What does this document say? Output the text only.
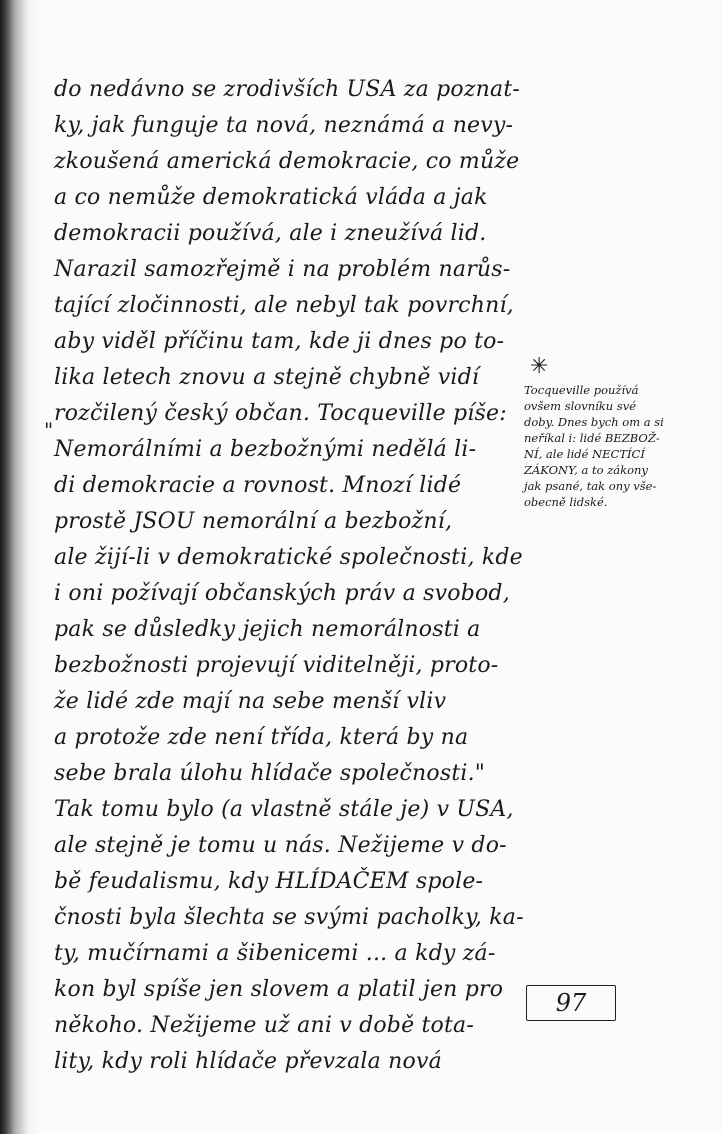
do nedávno se zrodivších USA za poznat-
ky, jak funguje ta nová, neznámá a nevy-
zkoušená americká demokracie, co může
a co nemůže demokratická vláda a jak
demokracii používá, ale i zneužívá lid.
Narazil samozřejmě i na problém narůs-
tající zločinnosti, ale nebyl tak povrchní,
aby viděl příčinu tam, kde ji dnes po to-
lika letech znovu a stejně chybně vidí
rozčilený český občan. Tocqueville píše:
Nemorálními a bezbožnými nedělá li-
di demokracie a rovnost. Mnozí lidé
prostě JSOU nemorální a bezbožní,
ale žijí-li v demokratické společnosti, kde
i oni požívají občanských práv a svobod,
pak se důsledky jejich nemorálnosti a
bezbožnosti projevují viditelněji, proto-
že lidé zde mají na sebe menší vliv
a protože zde není třída, která by na
sebe brala úlohu hlídače společnosti."
Tak tomu bylo (a vlastně stále je) v USA,
ale stejně je tomu u nás. Nežijeme v do-
bě feudalismu, kdy HLÍDAČEM spole-
čnosti byla šlechta se svými pacholky, ka-
ty, mučírnami a šibenicemi ... a kdy zá-
kon byl spíše jen slovem a platil jen pro
někoho. Nežijeme už ani v době tota-
lity, kdy roli hlídače převzala nová
"
✳
Tocqueville používá
ovšem slovníku své
doby. Dnes bych om a si
neříkal i: lidé BEZBOŽ-
NÍ, ale lidé NECTÍCÍ
ZÁKONY, a to zákony
jak psané, tak ony vše-
obecně lidské.
97
